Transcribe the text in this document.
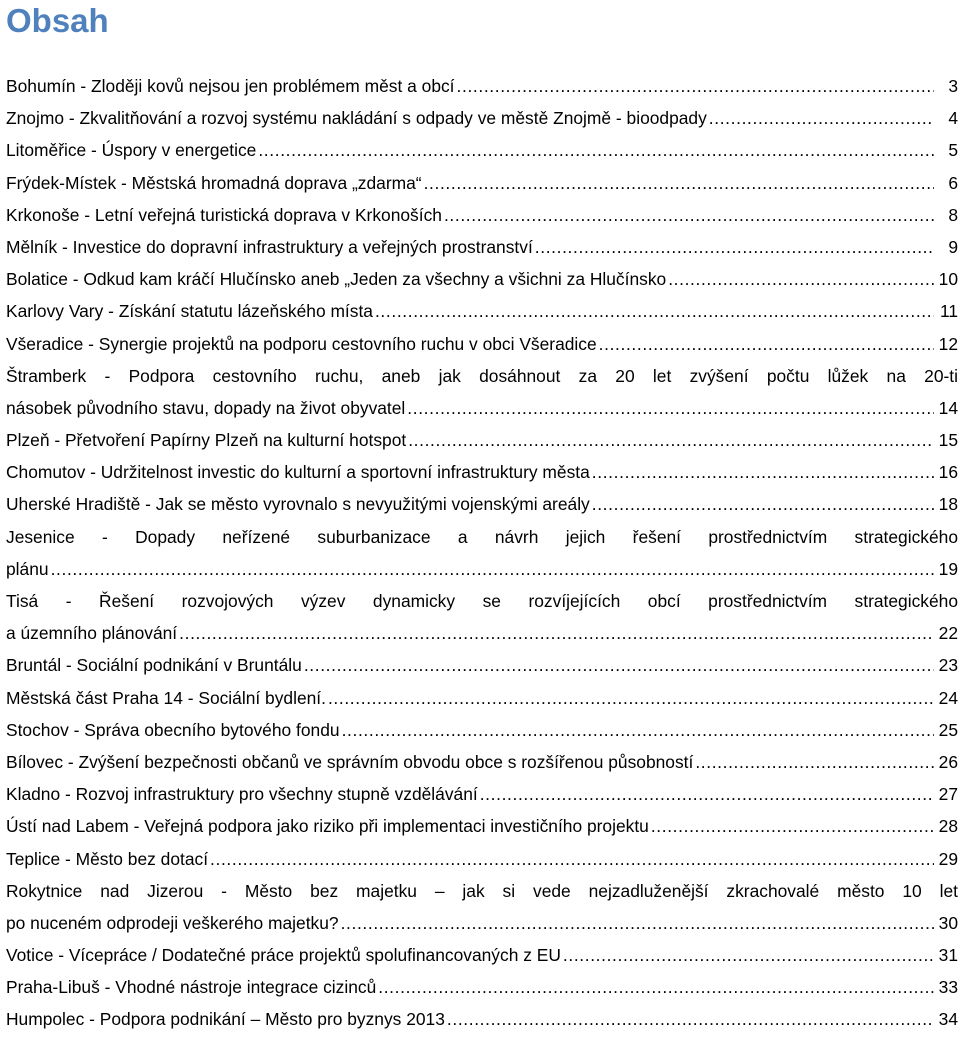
Obsah
Bohumín - Zloději kovů nejsou jen problémem měst a obcí . . .	3
Znojmo - Zkvalitňování a rozvoj systému nakládání s odpady ve městě Znojmě - bioodpady . . .	4
Litoměřice - Úspory v energetice . . .	5
Frýdek-Místek - Městská hromadná doprava „zdarma“ . . .	6
Krkonoše - Letní veřejná turistická doprava v Krkonoších . . .	8
Mělník - Investice do dopravní infrastruktury a veřejných prostranství . . .	9
Bolatice - Odkud kam kráčí Hlučínsko aneb „Jeden za všechny a všichni za Hlučínsko . . .	10
Karlovy Vary - Získání statutu lázeňského místa . . .	11
Všeradice - Synergie projektů na podporu cestovního ruchu v obci Všeradice . . .	12
Štramberk - Podpora cestovního ruchu, aneb jak dosáhnout za 20 let zvýšení počtu lůžek na 20-ti
násobek původního stavu, dopady na život obyvatel . . .	14
Plzeň - Přetvoření Papírny Plzeň na kulturní hotspot . . .	15
Chomutov - Udržitelnost investic do kulturní a sportovní infrastruktury města . . .	16
Uherské Hradiště - Jak se město vyrovnalo s nevyužitými vojenskými areály . . .	18
Jesenice - Dopady neřízené suburbanizace a návrh jejich řešení prostřednictvím strategického
plánu . . .	19
Tisá - Řešení rozvojových výzev dynamicky se rozvíjejících obcí prostřednictvím strategického
a územního plánování . . .	22
Bruntál - Sociální podnikání v Bruntálu . . .	23
Městská část Praha 14 - Sociální bydlení. . . .	24
Stochov - Správa obecního bytového fondu . . .	25
Bílovec - Zvýšení bezpečnosti občanů ve správním obvodu obce s rozšířenou působností . . .	26
Kladno - Rozvoj infrastruktury pro všechny stupně vzdělávání . . .	27
Ústí nad Labem - Veřejná podpora jako riziko při implementaci investičního projektu . . .	28
Teplice - Město bez dotací . . .	29
Rokytnice nad Jizerou - Město bez majetku – jak si vede nejzadluženější zkrachovalé město 10 let
po nuceném odprodeji veškerého majetku? . . .	30
Votice - Vícepráce / Dodatečné práce projektů spolufinancovaných z EU . . .	31
Praha-Libuš - Vhodné nástroje integrace cizinců . . .	33
Humpolec - Podpora podnikání – Město pro byznys 2013 . . .	34
